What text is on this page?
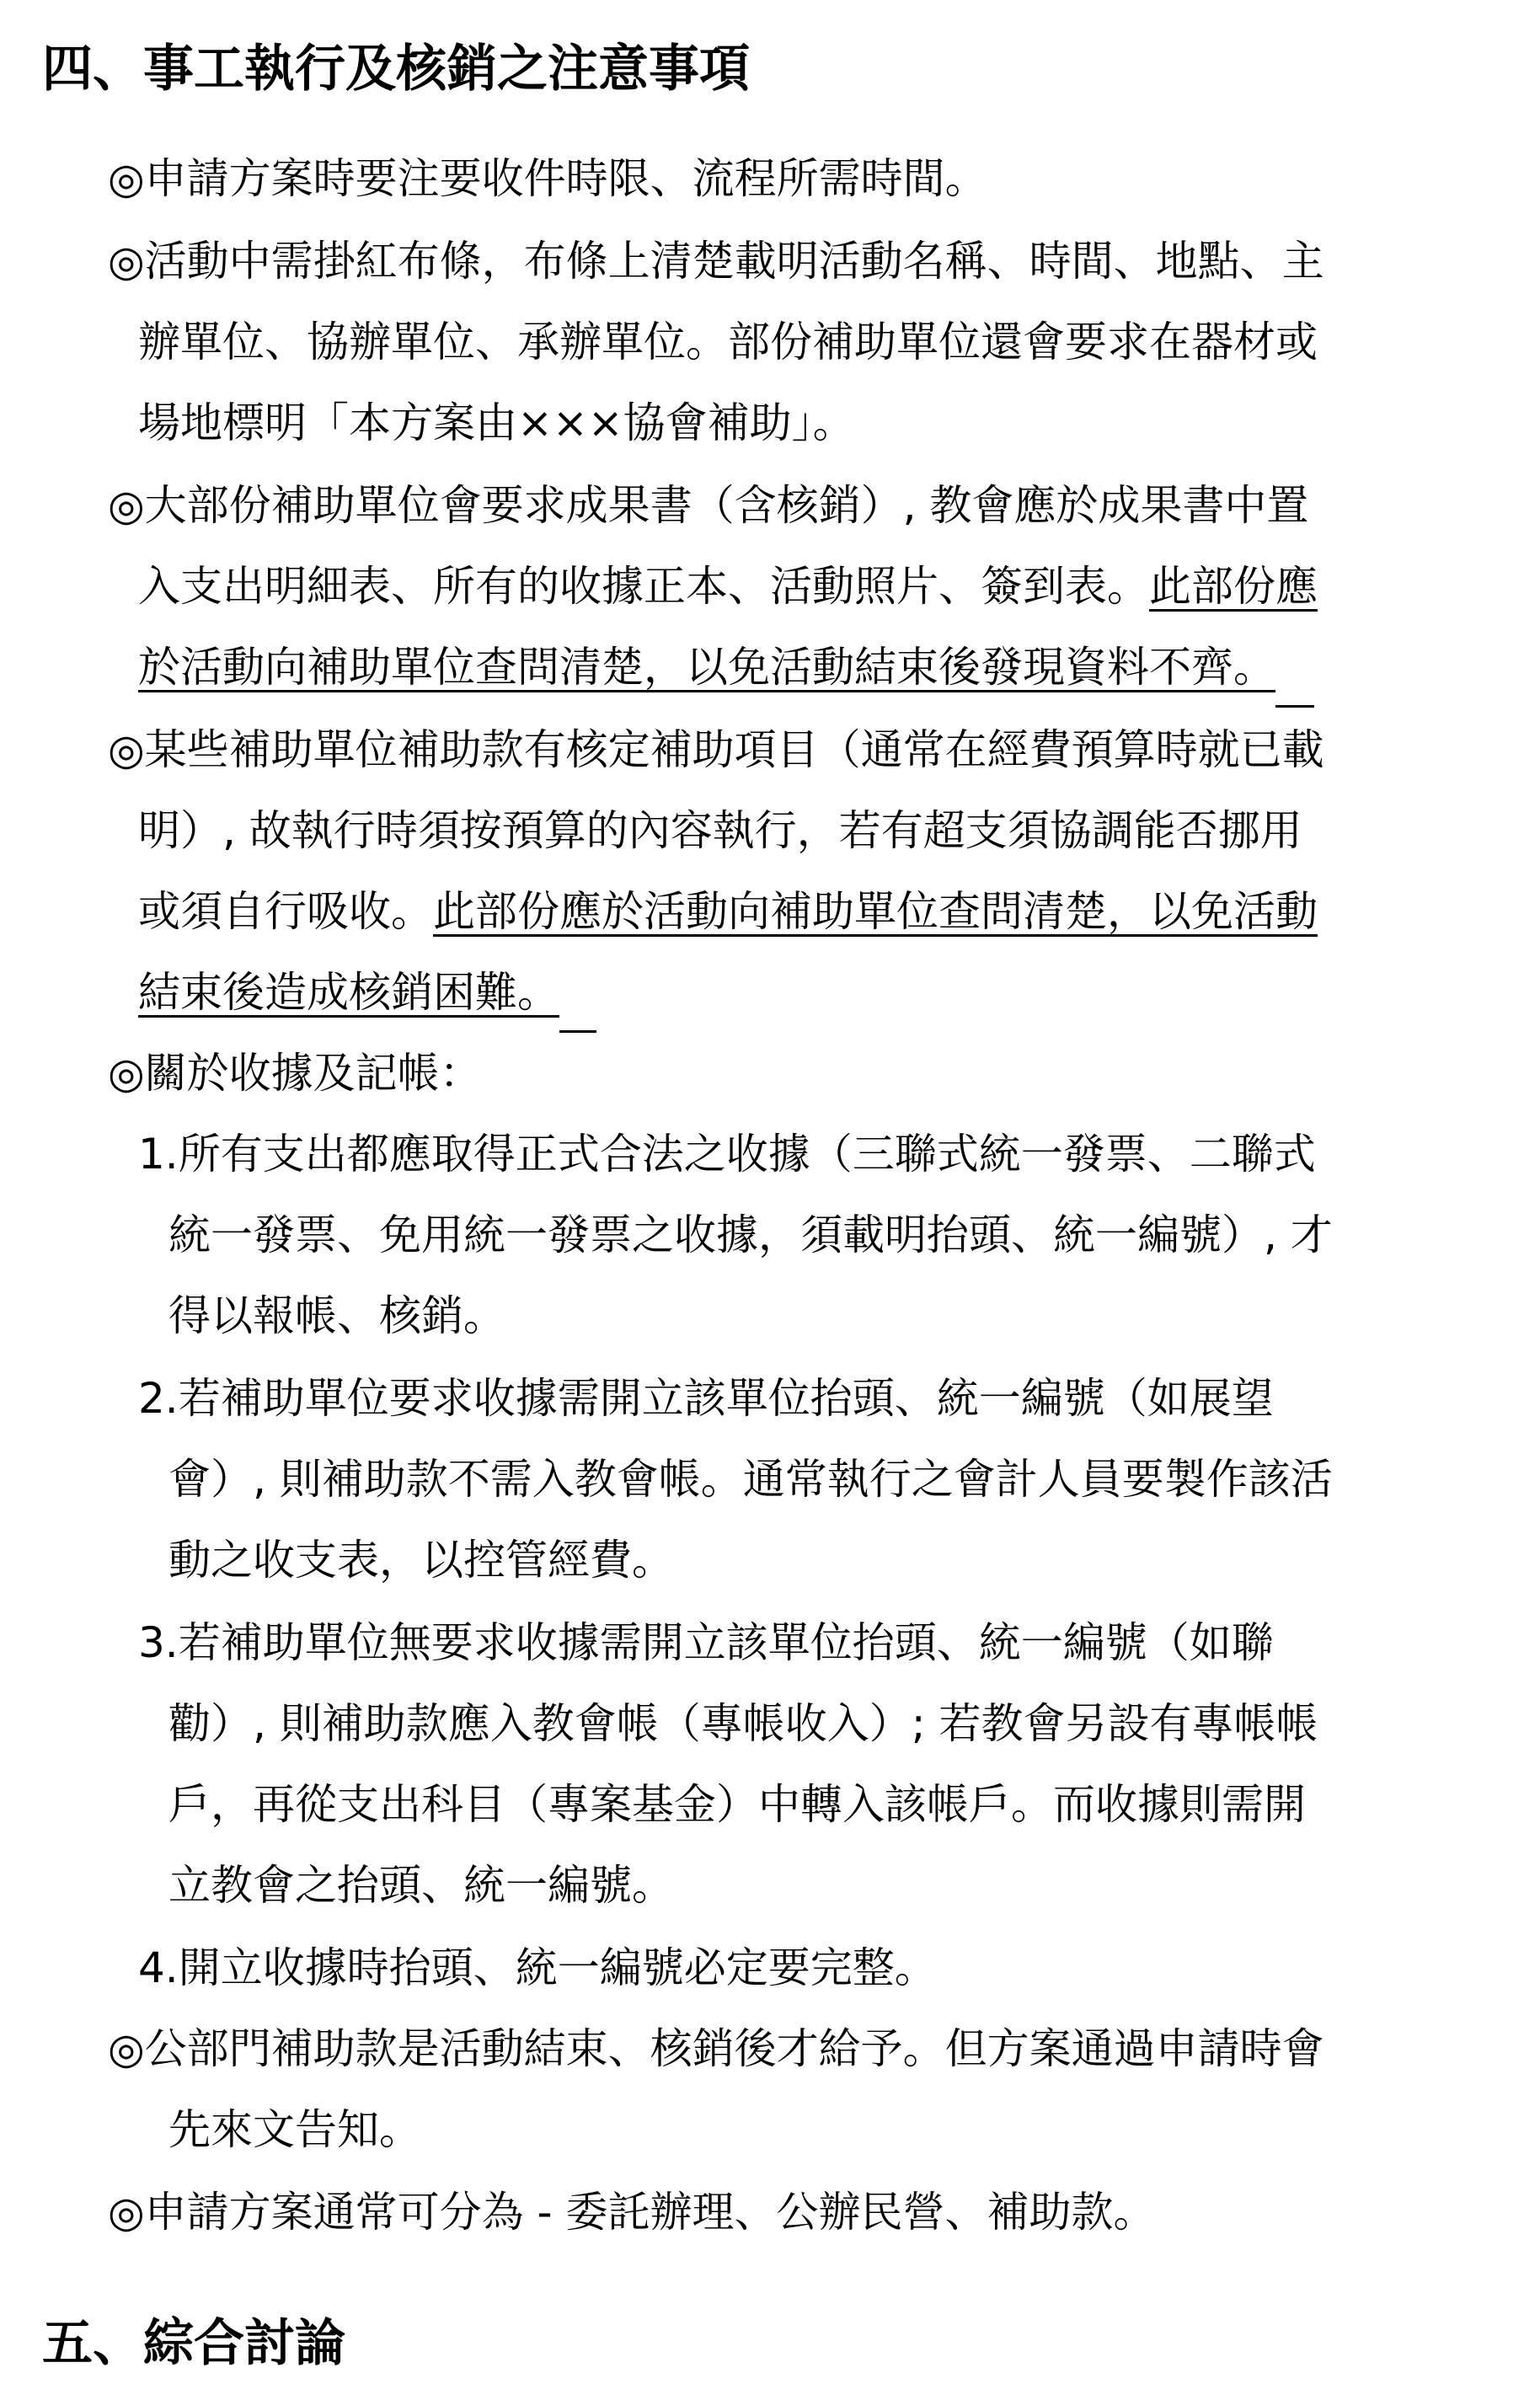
四、事工執行及核銷之注意事項

◎申請方案時要注要收件時限、流程所需時間。

◎活動中需掛紅布條，布條上清楚載明活動名稱、時間、地點、主

辦單位、協辦單位、承辦單位。部份補助單位還會要求在器材或

場地標明「本方案由×××協會補助」。

◎大部份補助單位會要求成果書（含核銷）, 教會應於成果書中置

入支出明細表、所有的收據正本、活動照片、簽到表。此部份應

於活動向補助單位查問清楚，以免活動結束後發現資料不齊。

◎某些補助單位補助款有核定補助項目（通常在經費預算時就已載

明）, 故執行時須按預算的內容執行，若有超支須協調能否挪用

或須自行吸收。此部份應於活動向補助單位查問清楚，以免活動

結束後造成核銷困難。

◎關於收據及記帳：

1.所有支出都應取得正式合法之收據（三聯式統一發票、二聯式

統一發票、免用統一發票之收據，須載明抬頭、統一編號）, 才

得以報帳、核銷。

2.若補助單位要求收據需開立該單位抬頭、統一編號（如展望

會）, 則補助款不需入教會帳。通常執行之會計人員要製作該活

動之收支表，以控管經費。

3.若補助單位無要求收據需開立該單位抬頭、統一編號（如聯

勸）, 則補助款應入教會帳（專帳收入）; 若教會另設有專帳帳

戶，再從支出科目（專案基金）中轉入該帳戶。而收據則需開

立教會之抬頭、統一編號。

4.開立收據時抬頭、統一編號必定要完整。

◎公部門補助款是活動結束、核銷後才給予。但方案通過申請時會

先來文告知。

◎申請方案通常可分為 - 委託辦理、公辦民營、補助款。

五、綜合討論
